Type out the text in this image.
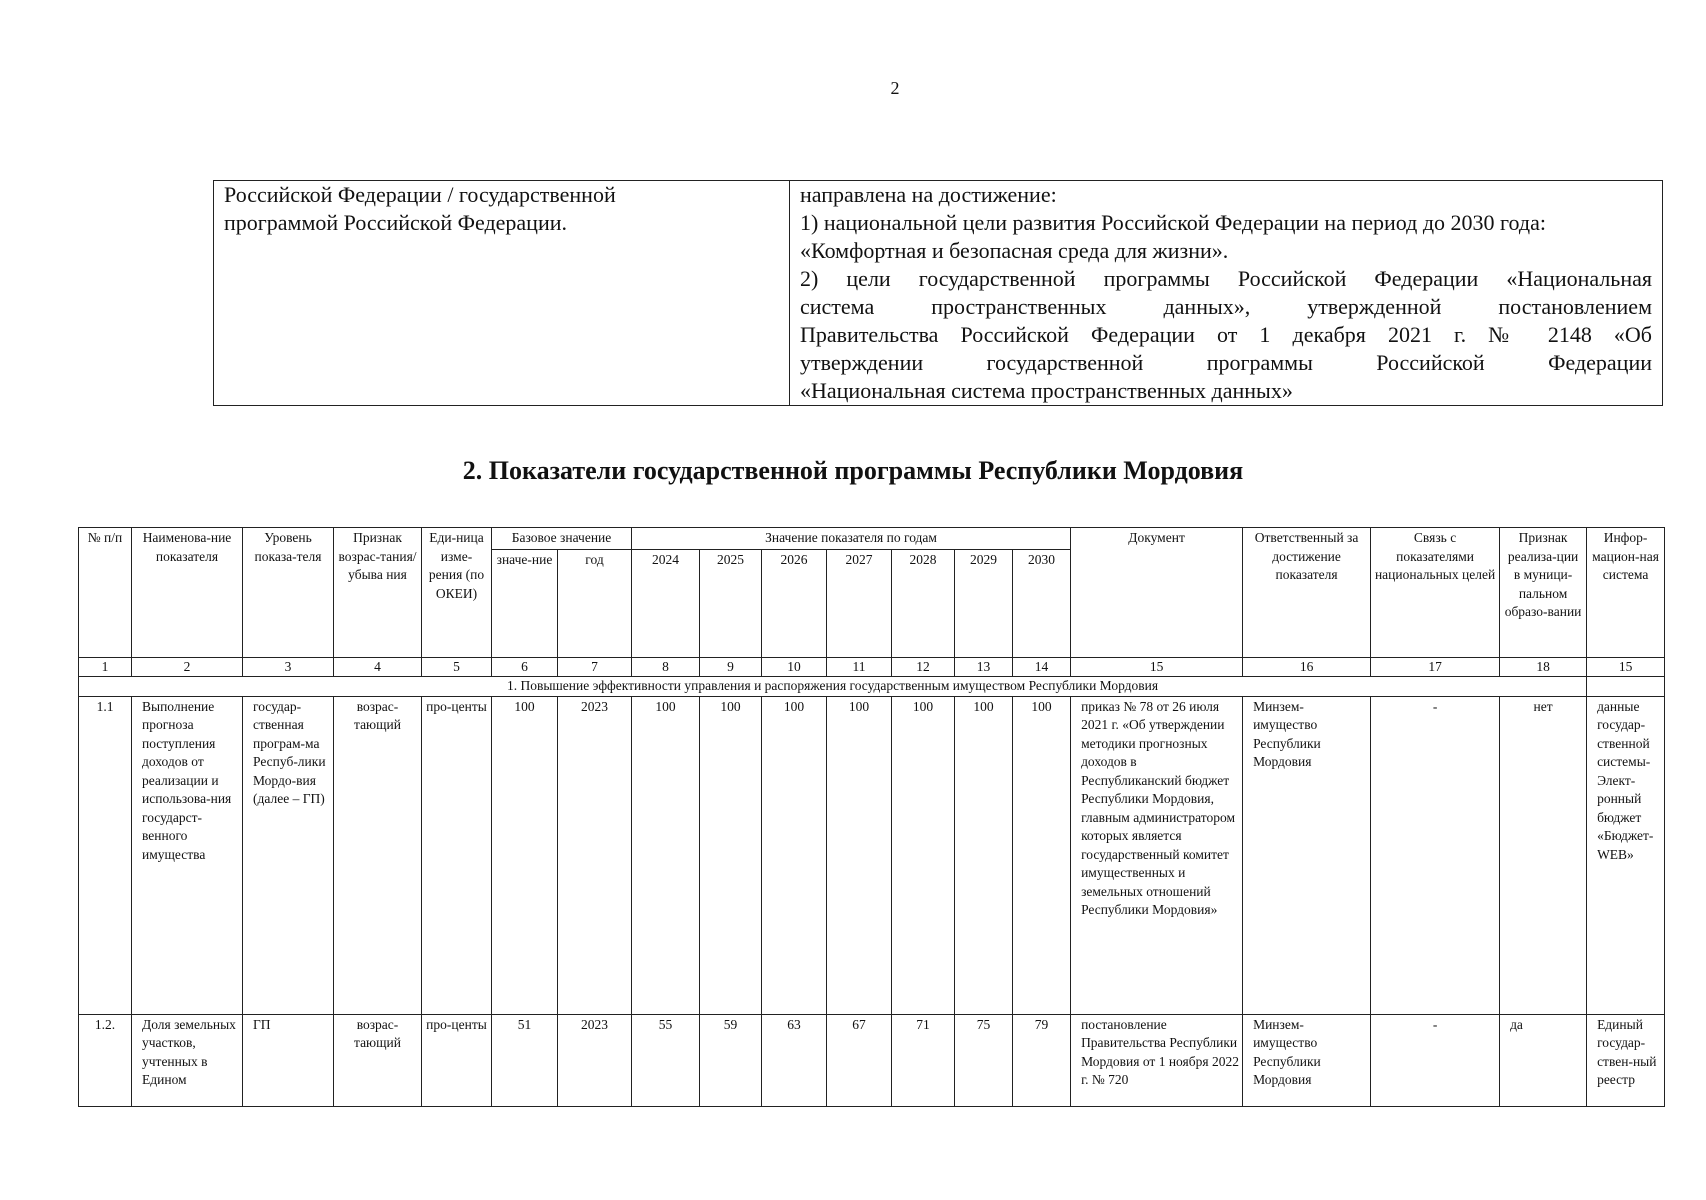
2
Российской Федерации / государственной
программой Российской Федерации.

направлена на достижение:
1) национальной цели развития Российской Федерации на период до 2030 года:
«Комфортная и безопасная среда для жизни».
2) цели государственной программы Российской Федерации «Национальная
система пространственных данных», утвержденной постановлением
Правительства Российской Федерации от 1 декабря 2021 г. № 2148 «Об
утверждении государственной программы Российской Федерации
«Национальная система пространственных данных»
2. Показатели государственной программы Республики Мордовия
№ п/п	Наименова-ние показателя	Уровень показа-теля	Признак возрас-тания/ убыва ния	Еди-ница изме-рения (по ОКЕИ)	Базовое значение		Значение показателя по годам							Документ	Ответственный за достижение показателя	Связь с показателями национальных целей	Признак реализа-ции в муници-пальном образо-вании	Инфор-мацион-ная система
					значе-ние	год	2024	2025	2026	2027	2028	2029	2030					
1	2	3	4	5	6	7	8	9	10	11	12	13	14	15	16	17	18	15
1. Повышение эффективности управления и распоряжения государственным имуществом Республики Мордовия																		
1.1	Выполнение прогноза поступления доходов от реализации и использова-ния государст-венного имущества	государ-ственная програм-ма Респуб-лики Мордо-вия (далее – ГП)	возрас-тающий	про-центы	100	2023	100	100	100	100	100	100	100	приказ № 78 от 26 июля 2021 г. «Об утверждении методики прогнозных доходов в Республиканский бюджет Республики Мордовия, главным администратором которых является государственный комитет имущественных и земельных отношений Республики Мордовия»	Минзем-имущество Республики Мордовия	-	нет	данные государ-ственной системы-Элект-ронный бюджет «Бюджет-WEB»
1.2.	Доля земельных участков, учтенных в Едином	ГП	возрас-тающий	про-центы	51	2023	55	59	63	67	71	75	79	постановление Правительства Республики Мордовия от 1 ноября 2022 г. № 720	Минзем-имущество Республики Мордовия	-	да	Единый государ-ствен-ный реестр
